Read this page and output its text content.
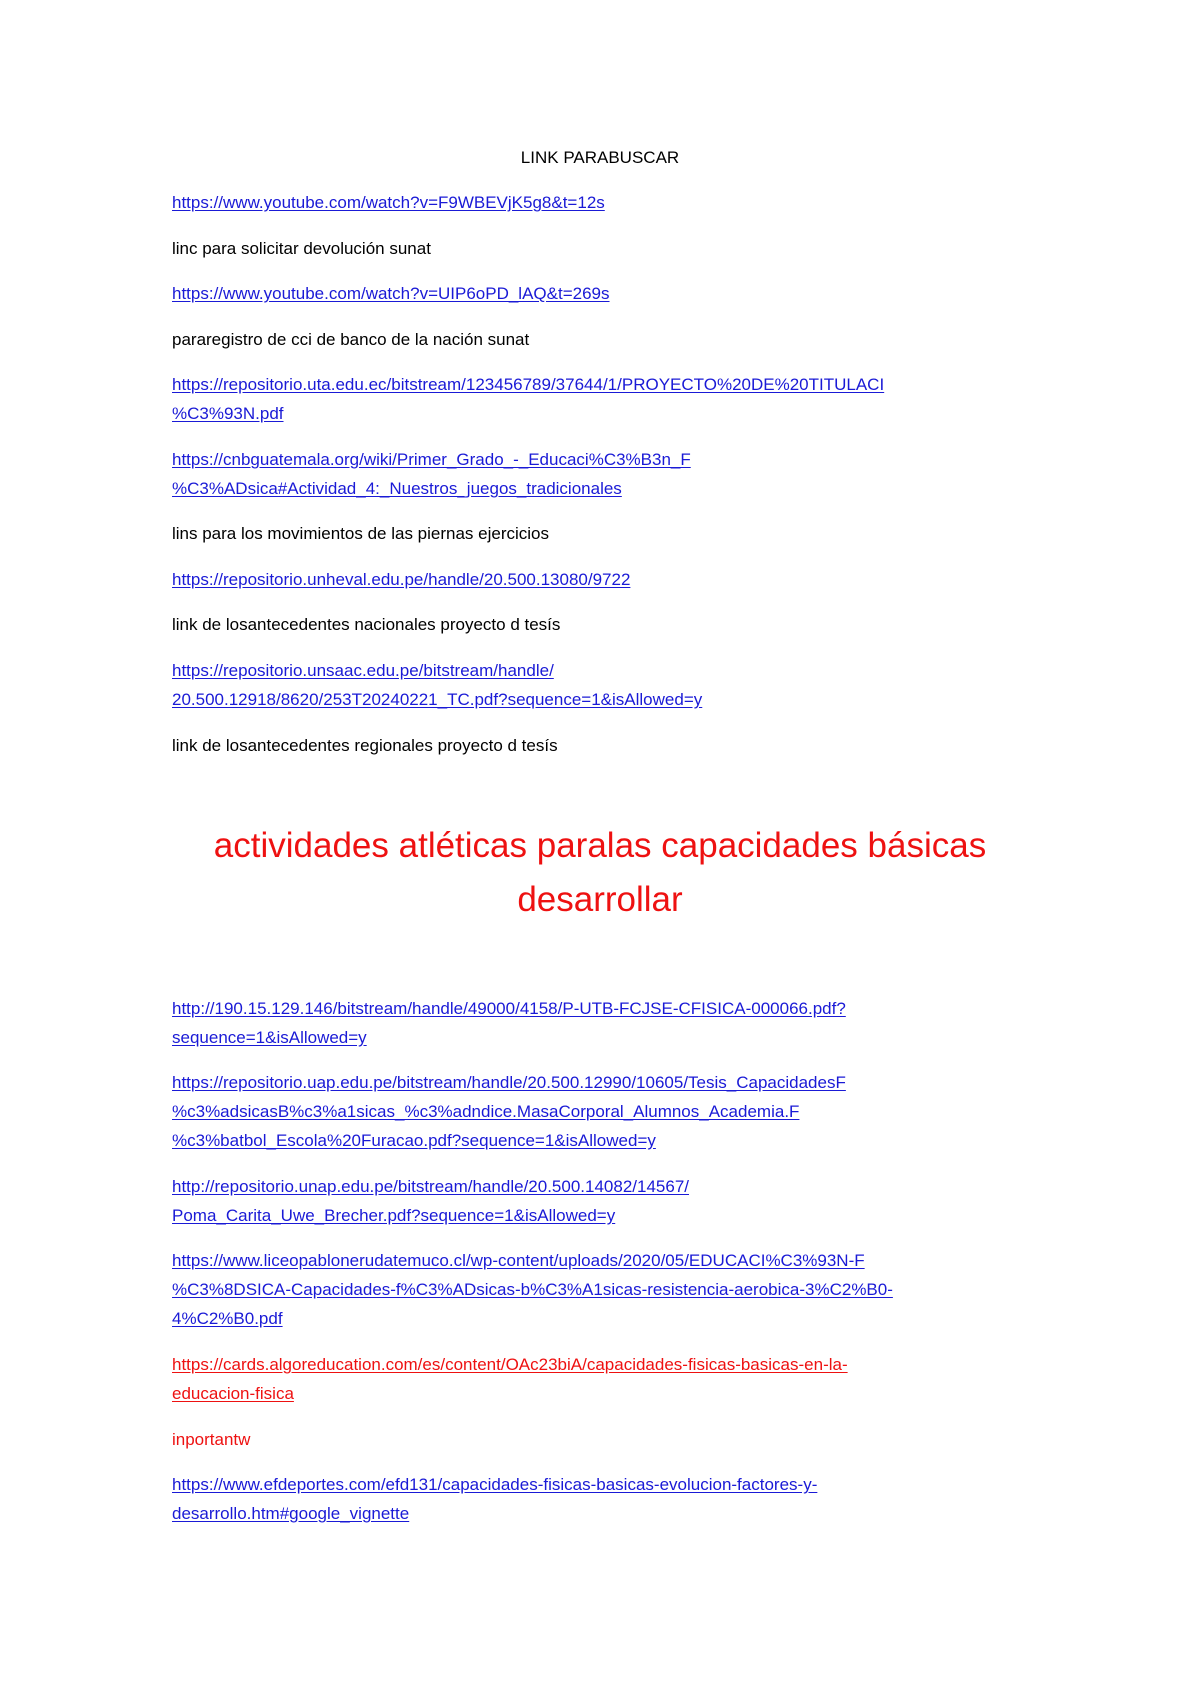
LINK PARABUSCAR
https://www.youtube.com/watch?v=F9WBEVjK5g8&t=12s
linc para solicitar devolución sunat
https://www.youtube.com/watch?v=UIP6oPD_lAQ&t=269s
pararegistro de cci de banco de la nación sunat
https://repositorio.uta.edu.ec/bitstream/123456789/37644/1/PROYECTO%20DE%20TITULACI
%C3%93N.pdf
https://cnbguatemala.org/wiki/Primer_Grado_-_Educaci%C3%B3n_F
%C3%ADsica#Actividad_4:_Nuestros_juegos_tradicionales
lins para los movimientos de las piernas ejercicios
https://repositorio.unheval.edu.pe/handle/20.500.13080/9722
link de losantecedentes nacionales proyecto d tesís
https://repositorio.unsaac.edu.pe/bitstream/handle/
20.500.12918/8620/253T20240221_TC.pdf?sequence=1&isAllowed=y
link de losantecedentes regionales proyecto d tesís
actividades atléticas paralas capacidades básicas
desarrollar
http://190.15.129.146/bitstream/handle/49000/4158/P-UTB-FCJSE-CFISICA-000066.pdf?
sequence=1&isAllowed=y
https://repositorio.uap.edu.pe/bitstream/handle/20.500.12990/10605/Tesis_CapacidadesF
%c3%adsicasB%c3%a1sicas_%c3%adndice.MasaCorporal_Alumnos_Academia.F
%c3%batbol_Escola%20Furacao.pdf?sequence=1&isAllowed=y
http://repositorio.unap.edu.pe/bitstream/handle/20.500.14082/14567/
Poma_Carita_Uwe_Brecher.pdf?sequence=1&isAllowed=y
https://www.liceopablonerudatemuco.cl/wp-content/uploads/2020/05/EDUCACI%C3%93N-F
%C3%8DSICA-Capacidades-f%C3%ADsicas-b%C3%A1sicas-resistencia-aerobica-3%C2%B0-
4%C2%B0.pdf
https://cards.algoreducation.com/es/content/OAc23biA/capacidades-fisicas-basicas-en-la-
educacion-fisica
inportantw
https://www.efdeportes.com/efd131/capacidades-fisicas-basicas-evolucion-factores-y-
desarrollo.htm#google_vignette
